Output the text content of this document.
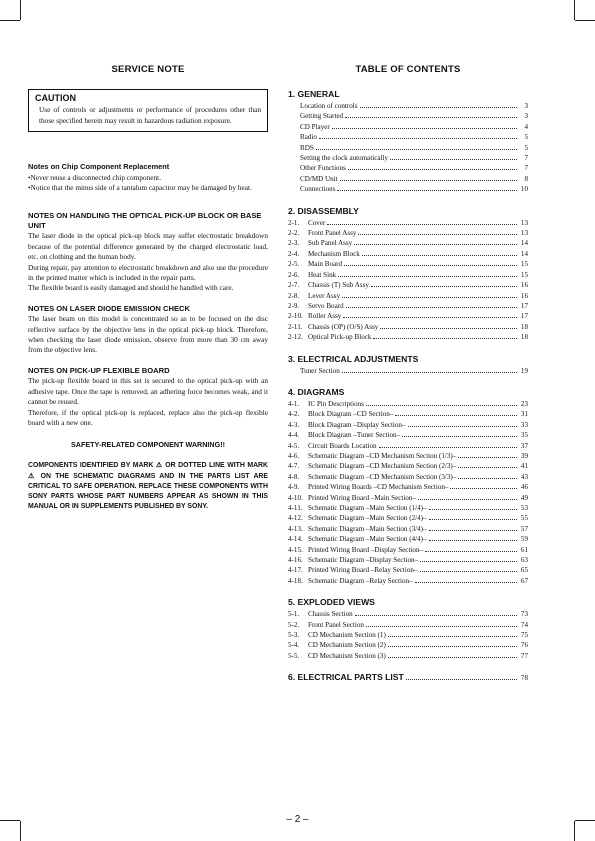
SERVICE NOTE
CAUTION
Use of controls or adjustments or performance of procedures other than those specified herein may result in hazardous radiation exposure.
Notes on Chip Component Replacement
•Never reuse a disconnected chip component.
•Notice that the minus side of a tantalum capacitor may be damaged by heat.
NOTES ON HANDLING THE OPTICAL PICK-UP BLOCK OR BASE UNIT
The laser diode in the optical pick-up block may suffer electrostatic breakdown because of the potential difference generated by the charged electrostatic load, etc. on clothing and the human body.
During repair, pay attention to electrostatic breakdown and also use the procedure in the printed matter which is included in the repair parts.
The flexible board is easily damaged and should be handled with care.
NOTES ON LASER DIODE EMISSION CHECK
The laser beam on this model is concentrated so as to be focused on the disc reflective surface by the objective lens in the optical pick-up block. Therefore, when checking the laser diode emission, observe from more than 30 cm away from the objective lens.
NOTES ON PICK-UP FLEXIBLE BOARD
The pick-up flexible board in this set is secured to the optical pick-up with an adhesive tape. Once the tape is removed, an adhering force becomes weak, and it cannot be reused.
Therefore, if the optical pick-up is replaced, replace also the pick-up flexible board with a new one.
SAFETY-RELATED COMPONENT WARNING!!
COMPONENTS IDENTIFIED BY MARK ⚠ OR DOTTED LINE WITH MARK ⚠ ON THE SCHEMATIC DIAGRAMS AND IN THE PARTS LIST ARE CRITICAL TO SAFE OPERATION. REPLACE THESE COMPONENTS WITH SONY PARTS WHOSE PART NUMBERS APPEAR AS SHOWN IN THIS MANUAL OR IN SUPPLEMENTS PUBLISHED BY SONY.
TABLE OF CONTENTS
1. GENERAL
Location of controls	3
Getting Started	3
CD Player	4
Radio	5
RDS	5
Setting the clock automatically	7
Other Functions	7
CD/MD Unit	8
Connections	10
2. DISASSEMBLY
2-1.	Cover	13
2-2.	Front Panel Assy	13
2-3.	Sub Panel Assy	14
2-4.	Mechanism Block	14
2-5.	Main Board	15
2-6.	Heat Sink	15
2-7.	Chassis (T) Sub Assy	16
2-8.	Lever Assy	16
2-9.	Servo Board	17
2-10. Roller Assy	17
2-11. Chassis (OP) (O/S) Assy	18
2-12. Optical Pick-up Block	18
3. ELECTRICAL ADJUSTMENTS
Tuner Section	19
4. DIAGRAMS
4-1.	IC Pin Descriptions	23
4-2.	Block Diagram –CD Section–	31
4-3.	Block Diagram –Display Section–	33
4-4.	Block Diagram –Tuner Section–	35
4-5.	Circuit Boards Location	37
4-6.	Schematic Diagram –CD Mechanism Section (1/3)–	39
4-7.	Schematic Diagram –CD Mechanism Section (2/3)–	41
4-8.	Schematic Diagram –CD Mechanism Section (3/3)–	43
4-9.	Printed Wiring Boards –CD Mechanism Section–	46
4-10. Printed Wiring Board –Main Section–	49
4-11. Schematic Diagram –Main Section (1/4)–	53
4-12. Schematic Diagram –Main Section (2/4)–	55
4-13. Schematic Diagram –Main Section (3/4)–	57
4-14. Schematic Diagram –Main Section (4/4)–	59
4-15. Printed Wiring Board –Display Section–	61
4-16. Schematic Diagram –Display Section–	63
4-17. Printed Wiring Board –Relay Section–	65
4-18. Schematic Diagram –Relay Section–	67
5. EXPLODED VIEWS
5-1.	Chassis Section	73
5-2.	Front Panel Section	74
5-3.	CD Mechanism Section (1)	75
5-4.	CD Mechanism Section (2)	76
5-5.	CD Mechanism Section (3)	77
6. ELECTRICAL PARTS LIST	78
– 2 –
